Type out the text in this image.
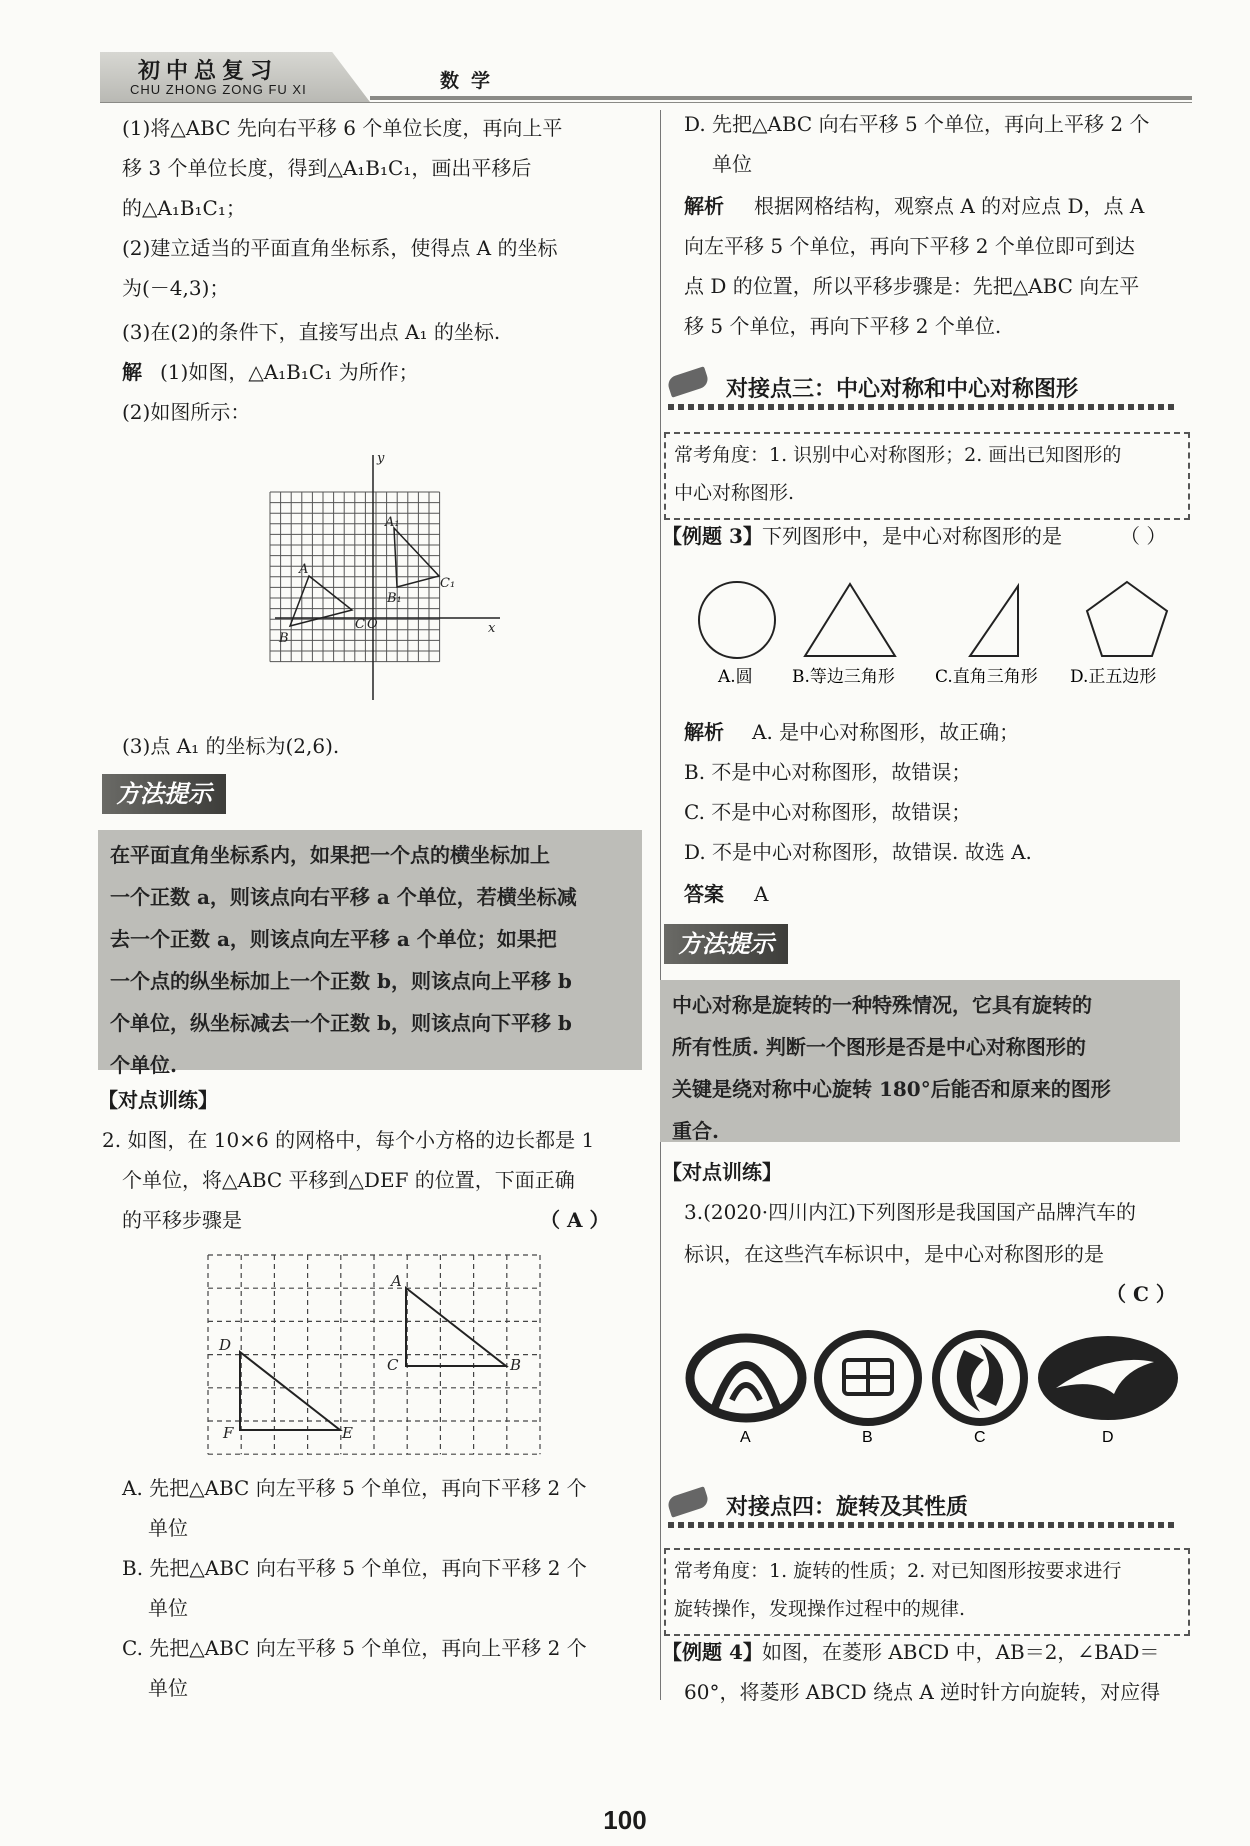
初中总复习
CHU ZHONG ZONG FU XI	数学
(1)将△ABC 先向右平移 6 个单位长度，再向上平
移 3 个单位长度，得到△A₁B₁C₁，画出平移后
的△A₁B₁C₁；
(2)建立适当的平面直角坐标系，使得点 A 的坐标
为(－4,3)；
(3)在(2)的条件下，直接写出点 A₁ 的坐标.
解 (1)如图，△A₁B₁C₁ 为所作；
(2)如图所示：
y
x
A₁
A
C₁
B₁
C O
B
(3)点 A₁ 的坐标为(2,6).
方法提示
在平面直角坐标系内，如果把一个点的横坐标加上
一个正数 a，则该点向右平移 a 个单位，若横坐标减
去一个正数 a，则该点向左平移 a 个单位；如果把
一个点的纵坐标加上一个正数 b，则该点向上平移 b
个单位，纵坐标减去一个正数 b，则该点向下平移 b
个单位.
【对点训练】
2. 如图，在 10×6 的网格中，每个小方格的边长都是 1
个单位，将△ABC 平移到△DEF 的位置，下面正确
的平移步骤是	（ A ）
A
D
C	B
F	E
A. 先把△ABC 向左平移 5 个单位，再向下平移 2 个
单位
B. 先把△ABC 向右平移 5 个单位，再向下平移 2 个
单位
C. 先把△ABC 向左平移 5 个单位，再向上平移 2 个
单位
D. 先把△ABC 向右平移 5 个单位，再向上平移 2 个
单位
解析 根据网格结构，观察点 A 的对应点 D，点 A
向左平移 5 个单位，再向下平移 2 个单位即可到达
点 D 的位置，所以平移步骤是：先把△ABC 向左平
移 5 个单位，再向下平移 2 个单位.
对接点三：中心对称和中心对称图形
常考角度：1. 识别中心对称图形；2. 画出已知图形的
中心对称图形.
【例题 3】 下列图形中，是中心对称图形的是	（ ）
A.圆 B.等边三角形 C.直角三角形 D.正五边形
解析 A. 是中心对称图形，故正确；
B. 不是中心对称图形，故错误；
C. 不是中心对称图形，故错误；
D. 不是中心对称图形，故错误. 故选 A.
答案 A
方法提示
中心对称是旋转的一种特殊情况，它具有旋转的
所有性质. 判断一个图形是否是中心对称图形的
关键是绕对称中心旋转 180°后能否和原来的图形
重合.
【对点训练】
3.(2020·四川内江)下列图形是我国国产品牌汽车的
标识，在这些汽车标识中，是中心对称图形的是
（ C ）
A	B	C	D
对接点四：旋转及其性质
常考角度：1. 旋转的性质；2. 对已知图形按要求进行
旋转操作，发现操作过程中的规律.
【例题 4】 如图，在菱形 ABCD 中，AB＝2，∠BAD＝
60°，将菱形 ABCD 绕点 A 逆时针方向旋转，对应得
100
